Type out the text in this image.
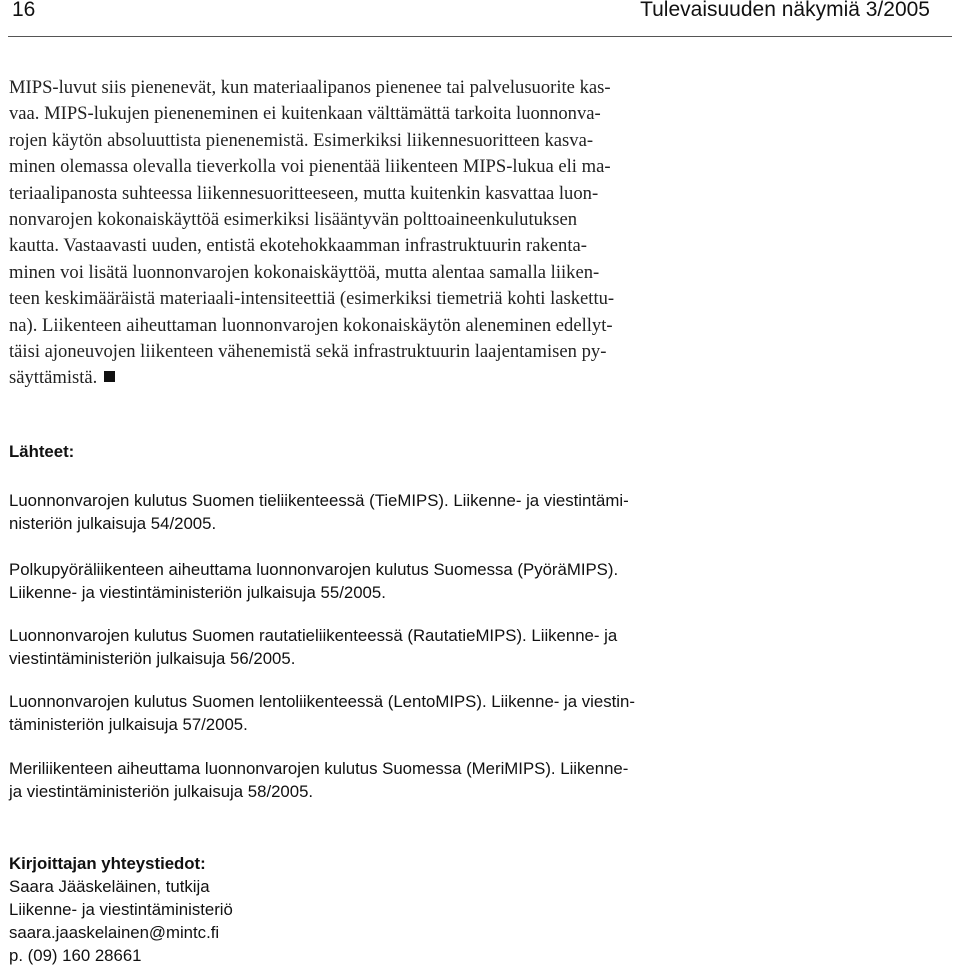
16	Tulevaisuuden näkymiä 3/2005

MIPS-luvut siis pienenevät, kun materiaalipanos pienenee tai palvelusuorite kas-

vaa. MIPS-lukujen pieneneminen ei kuitenkaan välttämättä tarkoita luonnonva-

rojen käytön absoluuttista pienenemistä. Esimerkiksi liikennesuoritteen kasva-

minen olemassa olevalla tieverkolla voi pienentää liikenteen MIPS-lukua eli ma-

teriaalipanosta suhteessa liikennesuoritteeseen, mutta kuitenkin kasvattaa luon-

nonvarojen kokonaiskäyttöä esimerkiksi lisääntyvän polttoaineenkulutuksen

kautta. Vastaavasti uuden, entistä ekotehokkaamman infrastruktuurin rakenta-

minen voi lisätä luonnonvarojen kokonaiskäyttöä, mutta alentaa samalla liiken-

teen keskimääräistä materiaali-intensiteettiä (esimerkiksi tiemetriä kohti laskettu-

na). Liikenteen aiheuttaman luonnonvarojen kokonaiskäytön aleneminen edellyt-

täisi ajoneuvojen liikenteen vähenemistä sekä infrastruktuurin laajentamisen py-

säyttämistä.

Lähteet:

Luonnonvarojen kulutus Suomen tieliikenteessä (TieMIPS). Liikenne- ja viestintämi-

nisteriön julkaisuja 54/2005.

Polkupyöräliikenteen aiheuttama luonnonvarojen kulutus Suomessa (PyöräMIPS).

Liikenne- ja viestintäministeriön julkaisuja 55/2005.

Luonnonvarojen kulutus Suomen rautatieliikenteessä (RautatieMIPS). Liikenne- ja

viestintäministeriön julkaisuja 56/2005.

Luonnonvarojen kulutus Suomen lentoliikenteessä (LentoMIPS). Liikenne- ja viestin-

täministeriön julkaisuja 57/2005.

Meriliikenteen aiheuttama luonnonvarojen kulutus Suomessa (MeriMIPS). Liikenne-

ja viestintäministeriön julkaisuja 58/2005.

Kirjoittajan yhteystiedot:

Saara Jääskeläinen, tutkija

Liikenne- ja viestintäministeriö

saara.jaaskelainen@mintc.fi

p. (09) 160 28661
